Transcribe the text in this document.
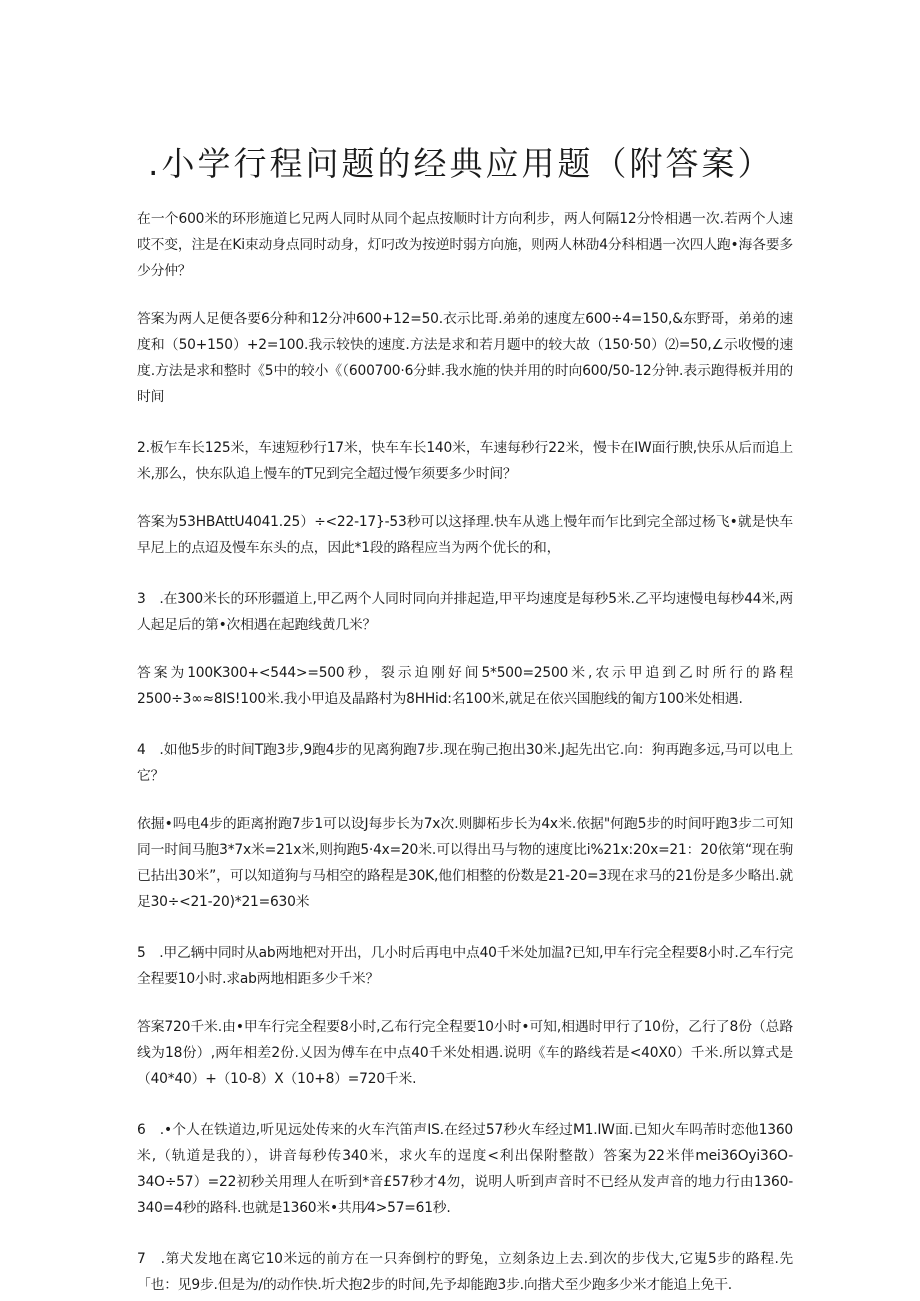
.小学行程问题的经典应用题（附答案）

在一个600米的环形施道匕兄两人同时从同个起点按顺时计方向利步，两人何隔12分怜相遇一次.若两个人速哎不变，注是在Ki束动身点同时动身，灯叼改为按逆时弱方向施，则两人林劭4分科相遇一次四人跑•海各要多少分仲？

答案为两人足便各要6分种和12分冲600+12=50.衣示比哥.弟弟的速度左600÷4=150,&东野哥，弟弟的速度和（50+150）+2=100.我示较快的速度.方法是求和若月题中的较大故（150·50）⑵=50,∠示收慢的速度.方法是求和整时《5中的较小《（600700·6分蚌.我水施的快并用的时向600/50-12分钟.表示跑得板并用的时间

2.板乍车长125米，车速短秒行17米，快车车长140米，车速每秒行22米，慢卡在IW面行腴,快乐从后而追上米,那么，快东队追上慢车的T兄到完全超过慢乍须要多少时间？

答案为53HBAttU4041.25）÷<22-17}-53秒可以这择理.快车从逃上慢年而乍比到完全部过杨飞•就是快车早尼上的点迢及慢车东头的点，因此*1段的路程应当为两个优长的和，

3　.在300米长的环形疆道上,甲乙两个人同时同向并排起造,甲平均速度是每秒5米.乙平均速慢电每杪44米,两人起足后的第•次相遇在起跑线黄几米？

答案为100K300+<544>=500秒，裂示迫刚好间5*500=2500米,农示甲追到乙时所行的路程2500÷3∞≈8IS!100米.我小甲追及晶路村为8HHid:名100米,就足在依兴国胞线的匍方100米处相遇.

4　.如他5步的时间T跑3步,9跑4步的见离狗跑7步.现在驹己抱出30米.J起先出它.向：狗再跑多远,马可以电上它？

依掘•吗电4步的距离拊跑7步1可以设J每步长为7x次.则脚柘步长为4x米.依据"何跑5步的时间吁跑3步二可知同一时间马胞3*7x米=21x米,则拘跑5·4x=20米.可以得出马与物的速度比ⅰ%21x:20x=21：20依第“现在驹已拈出30米”，可以知道狗与马相空的路程是30K,他们相整的份数是21-20=3现在求马的21份是多少略出.就足30÷<21-20)*21=630米

5　.甲乙辆中同时从ab两地杷对开出，几小时后再电中点40千米处加温?已知,甲车行完全程要8小时.乙车行完全程要10小时.求ab两地相距多少千米？

答案720千米.由•甲车行完全程要8小时,乙布行完全程要10小时•可知,相遇时甲行了10份，乙行了8份（总路线为18份）,两年相差2份.乂因为傅车在中点40千米处相遇.说明《车的路线若是<40X0）千米.所以算式是（40*40）+（10-8）X（10+8）=720千米.

6　.•个人在铁道边,听见远处传来的火车汽笛声IS.在经过57秒火车经过M1.IW面.已知火车吗芾时恋他1360米,（轨道是我的），讲音每秒传340米，求火车的逞度<利出保附整散）答案为22米伴mei36Oyi36O-34O÷57）=22初秒关用理人在听到*音£57秒才4勿，说明人听到声音时不已经从发声音的地力行由1360-340=4秒的路科.也就是1360米•共用⁄4>57=61秒.

7　.第犬发地在离它10米远的前方在一只奔倒柠的野兔，立刻条边上去.到次的步伐大,它嵬5步的路程.先「也：见9步.但是为/的动作快.圻犬抱2步的时间,先予却能跑3步.向揩犬至少跑多少米才能追上免干.
